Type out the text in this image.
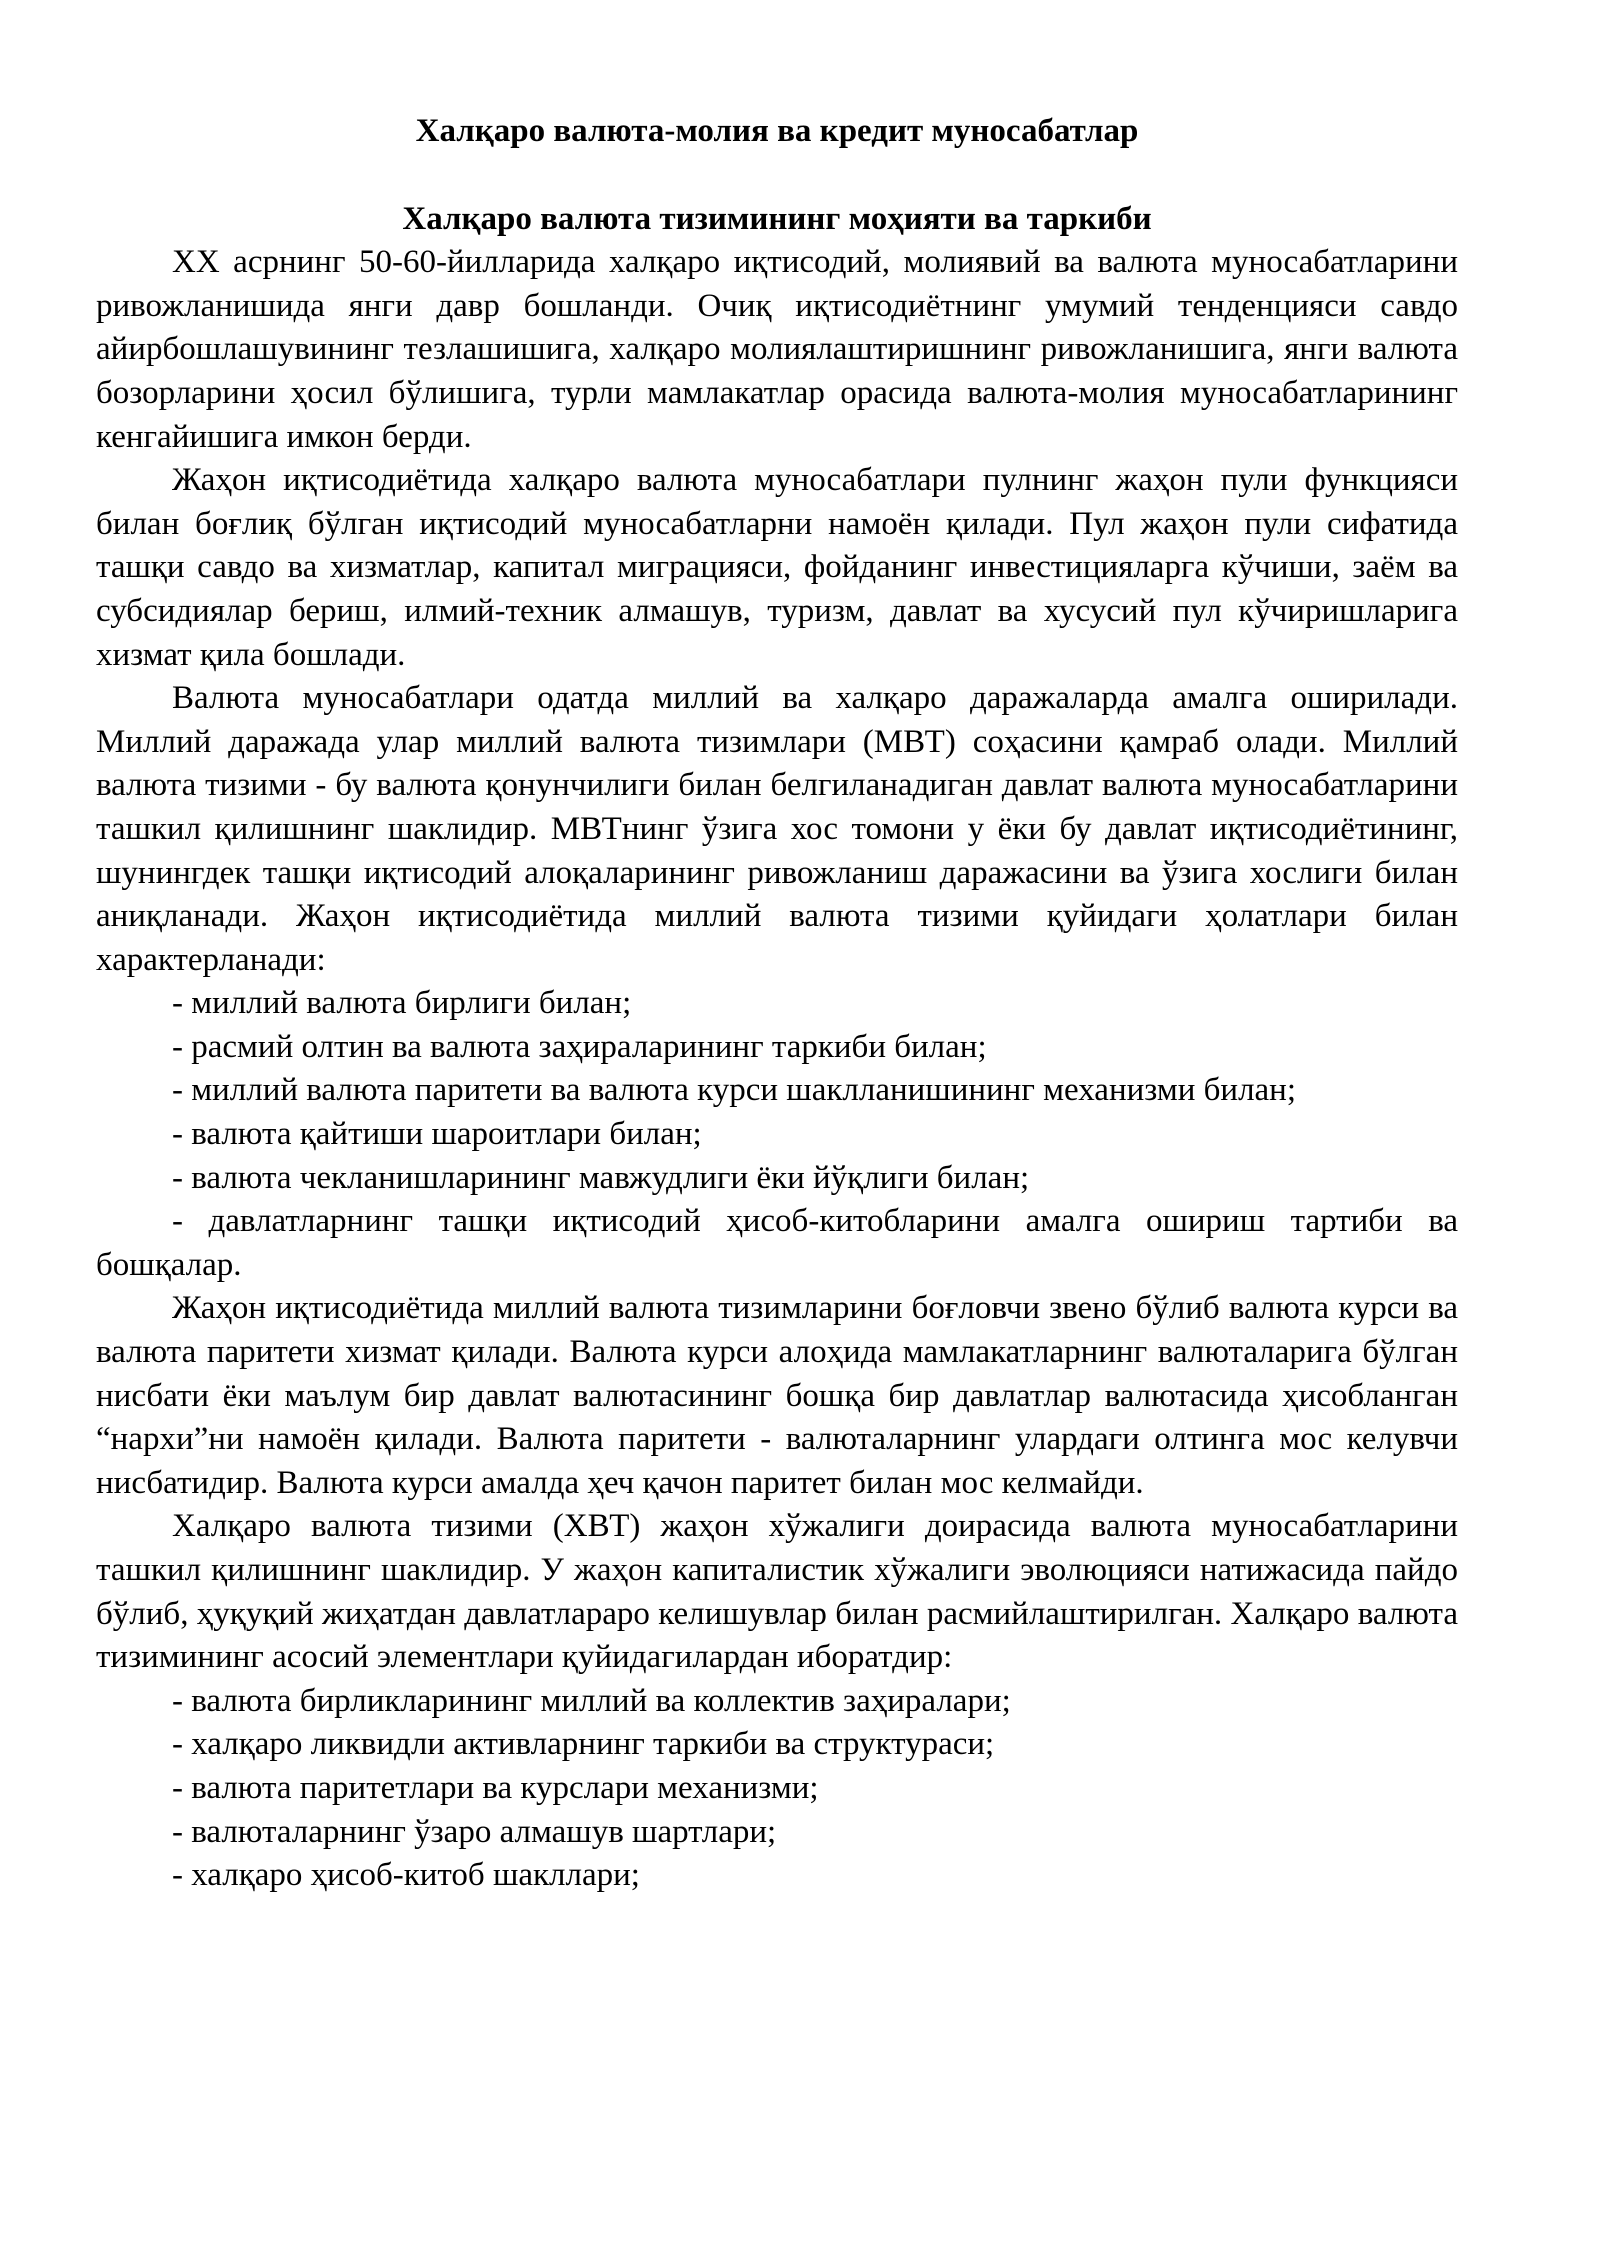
Халқаро валюта-молия ва кредит муносабатлар

Халқаро валюта тизимининг моҳияти ва таркиби

XX асрнинг 50-60-йилларида халқаро иқтисодий, молиявий ва валюта муносабатларини ривожланишида янги давр бошланди. Очиқ иқтисодиётнинг умумий тенденцияси савдо айирбошлашувининг тезлашишига, халқаро молиялаштиришнинг ривожланишига, янги валюта бозорларини ҳосил бўлишига, турли мамлакатлар орасида валюта-молия муносабатларининг кенгайишига имкон берди.

Жаҳон иқтисодиётида халқаро валюта муносабатлари пулнинг жаҳон пули функцияси билан боғлиқ бўлган иқтисодий муносабатларни намоён қилади. Пул жаҳон пули сифатида ташқи савдо ва хизматлар, капитал миграцияси, фойданинг инвестицияларга кўчиши, заём ва субсидиялар бериш, илмий-техник алмашув, туризм, давлат ва хусусий пул кўчиришларига хизмат қила бошлади.

Валюта муносабатлари одатда миллий ва халқаро даражаларда амалга оширилади. Миллий даражада улар миллий валюта тизимлари (МВТ) соҳасини қамраб олади. Миллий валюта тизими - бу валюта қонунчилиги билан белгиланадиган давлат валюта муносабатларини ташкил қилишнинг шаклидир. МВТнинг ўзига хос томони у ёки бу давлат иқтисодиётининг, шунингдек ташқи иқтисодий алоқаларининг ривожланиш даражасини ва ўзига хослиги билан аниқланади. Жаҳон иқтисодиётида миллий валюта тизими қуйидаги ҳолатлари билан характерланади:

- миллий валюта бирлиги билан;

- расмий олтин ва валюта заҳираларининг таркиби билан;

- миллий валюта паритети ва валюта курси шаклланишининг механизми билан;

- валюта қайтиши шароитлари билан;

- валюта чекланишларининг мавжудлиги ёки йўқлиги билан;

- давлатларнинг ташқи иқтисодий ҳисоб-китобларини амалга ошириш тартиби ва бошқалар.

Жаҳон иқтисодиётида миллий валюта тизимларини боғловчи звено бўлиб валюта курси ва валюта паритети хизмат қилади. Валюта курси алоҳида мамлакатларнинг валюталарига бўлган нисбати ёки маълум бир давлат валютасининг бошқа бир давлатлар валютасида ҳисобланган “нархи”ни намоён қилади. Валюта паритети - валюталарнинг улардаги олтинга мос келувчи нисбатидир. Валюта курси амалда ҳеч қачон паритет билан мос келмайди.

Халқаро валюта тизими (ХВТ) жаҳон хўжалиги доирасида валюта муносабатларини ташкил қилишнинг шаклидир. У жаҳон капиталистик хўжалиги эволюцияси натижасида пайдо бўлиб, ҳуқуқий жиҳатдан давлатлараро келишувлар билан расмийлаштирилган. Халқаро валюта тизимининг асосий элементлари қуйидагилардан иборатдир:

- валюта бирликларининг миллий ва коллектив заҳиралари;

- халқаро ликвидли активларнинг таркиби ва структураси;

- валюта паритетлари ва курслари механизми;

- валюталарнинг ўзаро алмашув шартлари;

- халқаро ҳисоб-китоб шакллари;
